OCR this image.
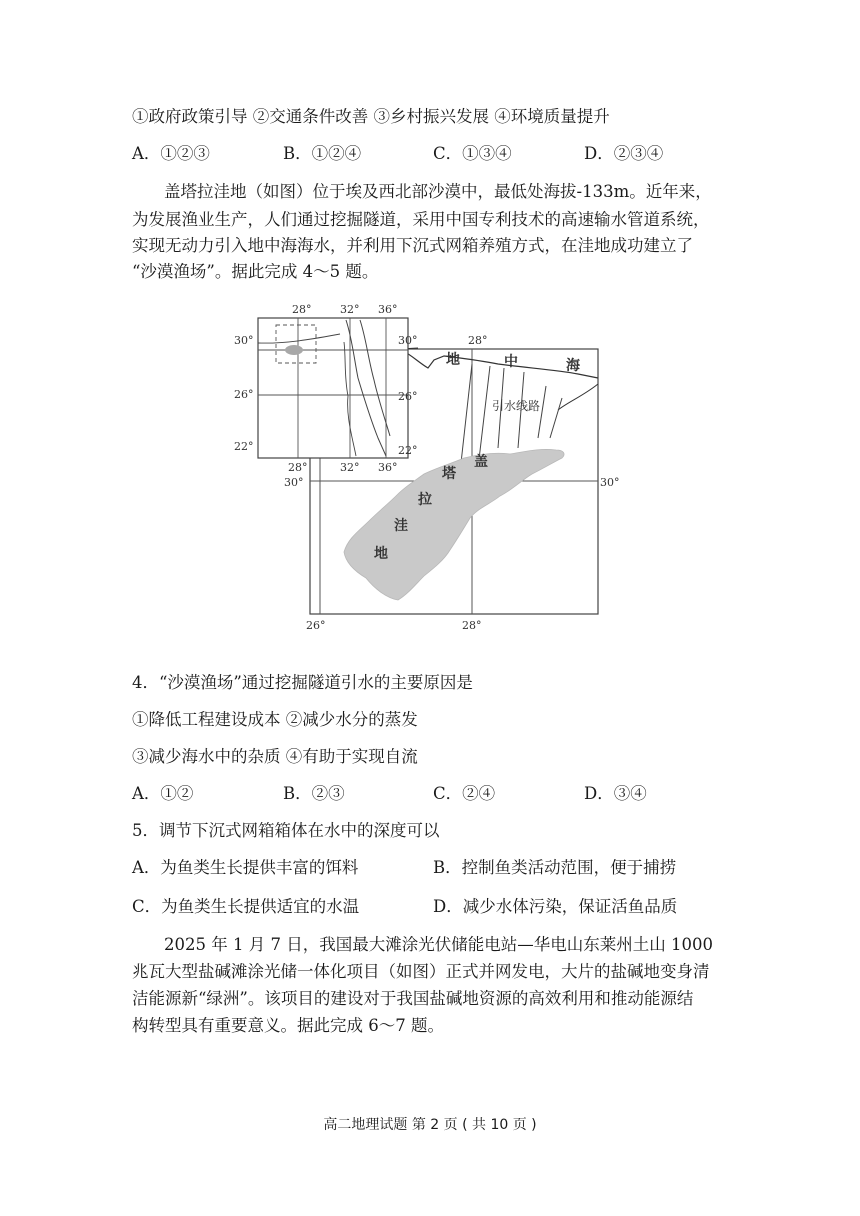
①政府政策引导 ②交通条件改善 ③乡村振兴发展 ④环境质量提升
A．①②③	B．①②④	C．①③④	D．②③④
盖塔拉洼地（如图）位于埃及西北部沙漠中，最低处海拔-133m。近年来，
为发展渔业生产，人们通过挖掘隧道，采用中国专利技术的高速输水管道系统，
实现无动力引入地中海海水，并利用下沉式网箱养殖方式，在洼地成功建立了
“沙漠渔场”。据此完成 4～5 题。
28°	32° 36°
28°	32° 36°
30°
26°
22°
30°
26°
22°
28°
30°	30°
26°	28°
地	中	海
引水线路
盖
塔
拉
洼
地
4．“沙漠渔场”通过挖掘隧道引水的主要原因是
①降低工程建设成本 ②减少水分的蒸发
③减少海水中的杂质 ④有助于实现自流
A．①②	B．②③	C．②④	D．③④
5．调节下沉式网箱箱体在水中的深度可以
A．为鱼类生长提供丰富的饵料	B．控制鱼类活动范围，便于捕捞
C．为鱼类生长提供适宜的水温	D．减少水体污染，保证活鱼品质
2025 年 1 月 7 日，我国最大滩涂光伏储能电站—华电山东莱州土山 1000
兆瓦大型盐碱滩涂光储一体化项目（如图）正式并网发电，大片的盐碱地变身清
洁能源新“绿洲”。该项目的建设对于我国盐碱地资源的高效利用和推动能源结
构转型具有重要意义。据此完成 6～7 题。
高二地理试题 第 2 页 ( 共 10 页 )
